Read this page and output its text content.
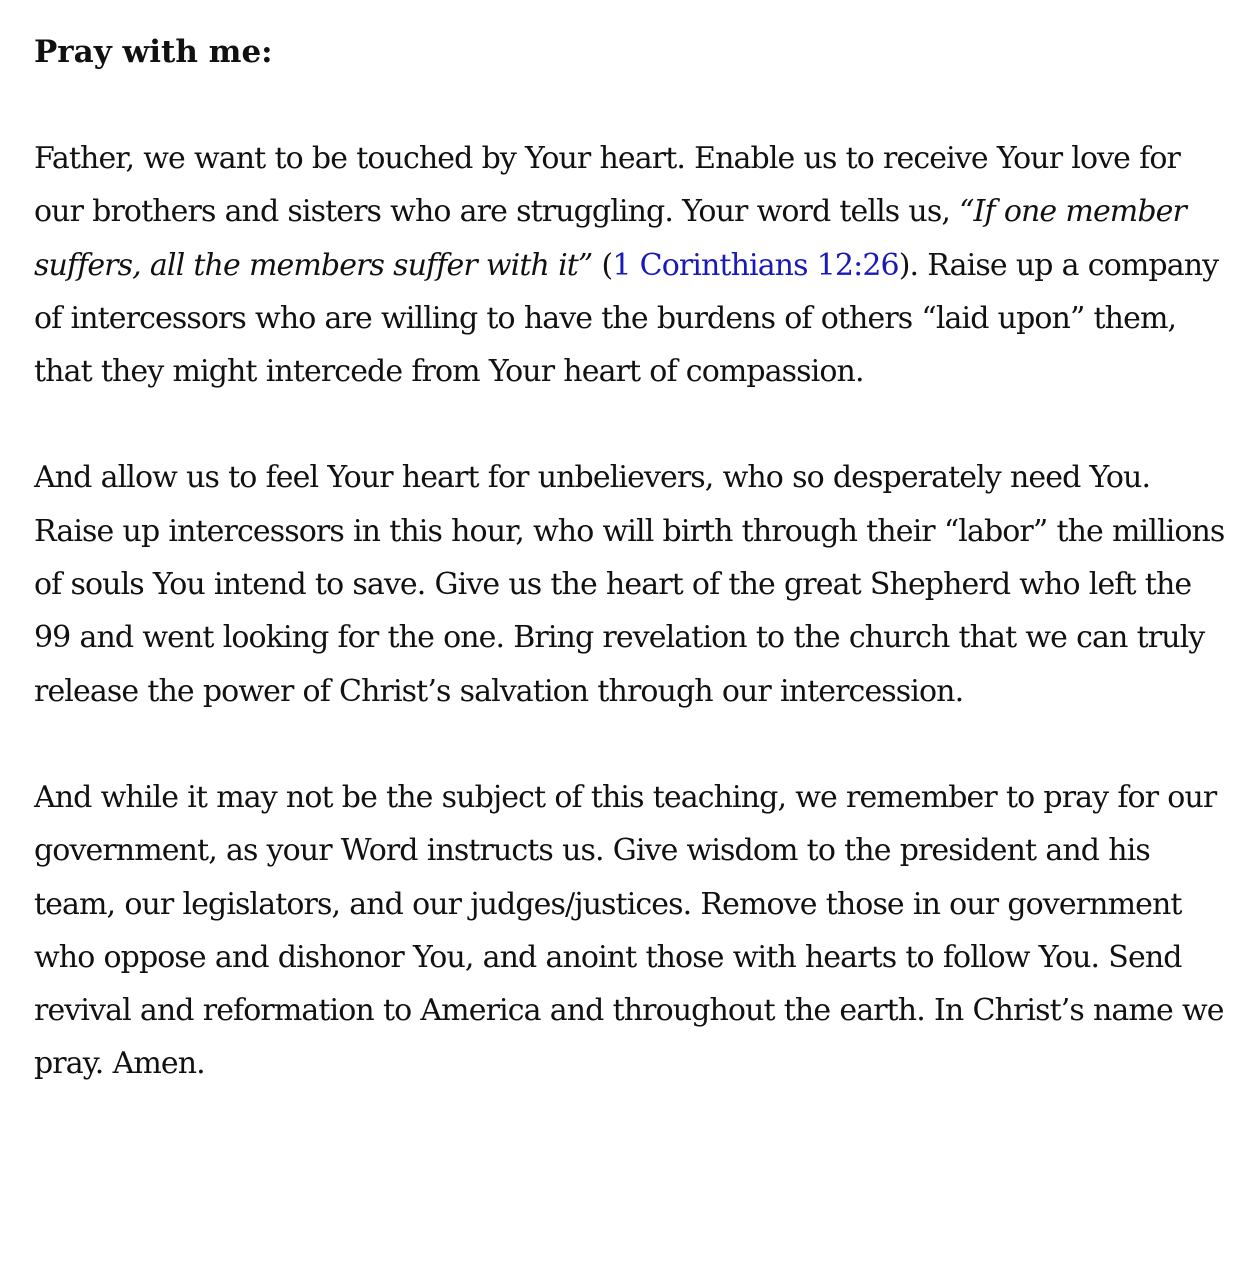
Pray with me:

Father, we want to be touched by Your heart. Enable us to receive Your love for our brothers and sisters who are struggling. Your word tells us, “If one member suffers, all the members suffer with it” (1 Corinthians 12:26). Raise up a company of intercessors who are willing to have the burdens of others “laid upon” them, that they might intercede from Your heart of compassion.

And allow us to feel Your heart for unbelievers, who so desperately need You. Raise up intercessors in this hour, who will birth through their “labor” the millions of souls You intend to save. Give us the heart of the great Shepherd who left the 99 and went looking for the one. Bring revelation to the church that we can truly release the power of Christ’s salvation through our intercession.

And while it may not be the subject of this teaching, we remember to pray for our government, as your Word instructs us. Give wisdom to the president and his team, our legislators, and our judges/justices. Remove those in our government who oppose and dishonor You, and anoint those with hearts to follow You. Send revival and reformation to America and throughout the earth. In Christ’s name we pray. Amen.
